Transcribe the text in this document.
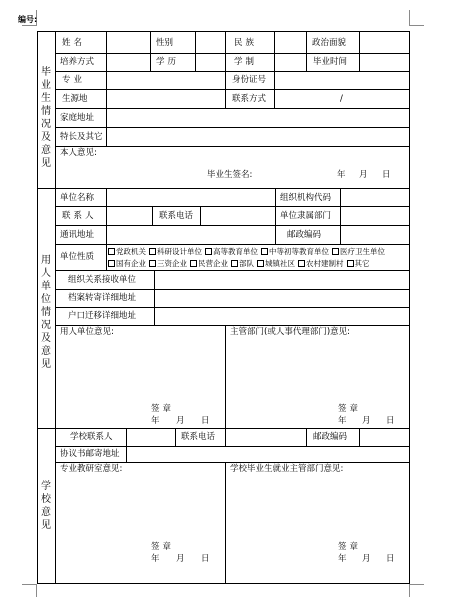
编号:
毕业生情况及意见
用人单位情况及意见
学校意见
姓名	性别	民族	政治面貌
培养方式	学历	学制	毕业时间
专业	身份证号
生源地	联系方式	/
家庭地址
特长及其它
本人意见:
毕业生签名:	年 月 日
单位名称	组织机构代码
联系人	联系电话	单位隶属部门
通讯地址	邮政编码
单位性质
党政机关 科研设计单位 高等教育单位 中等初等教育单位 医疗卫生单位
国有企业 三资企业 民营企业 部队 城镇社区 农村建制村 其它
组织关系接收单位
档案转寄详细地址
户口迁移详细地址
用人单位意见:	主管部门(或人事代理部门)意见:
签章
年 月 日
签章
年 月 日
学校联系人	联系电话	邮政编码
协议书邮寄地址
专业教研室意见:	学校毕业生就业主管部门意见:
签章
年 月 日
签章
年 月 日
